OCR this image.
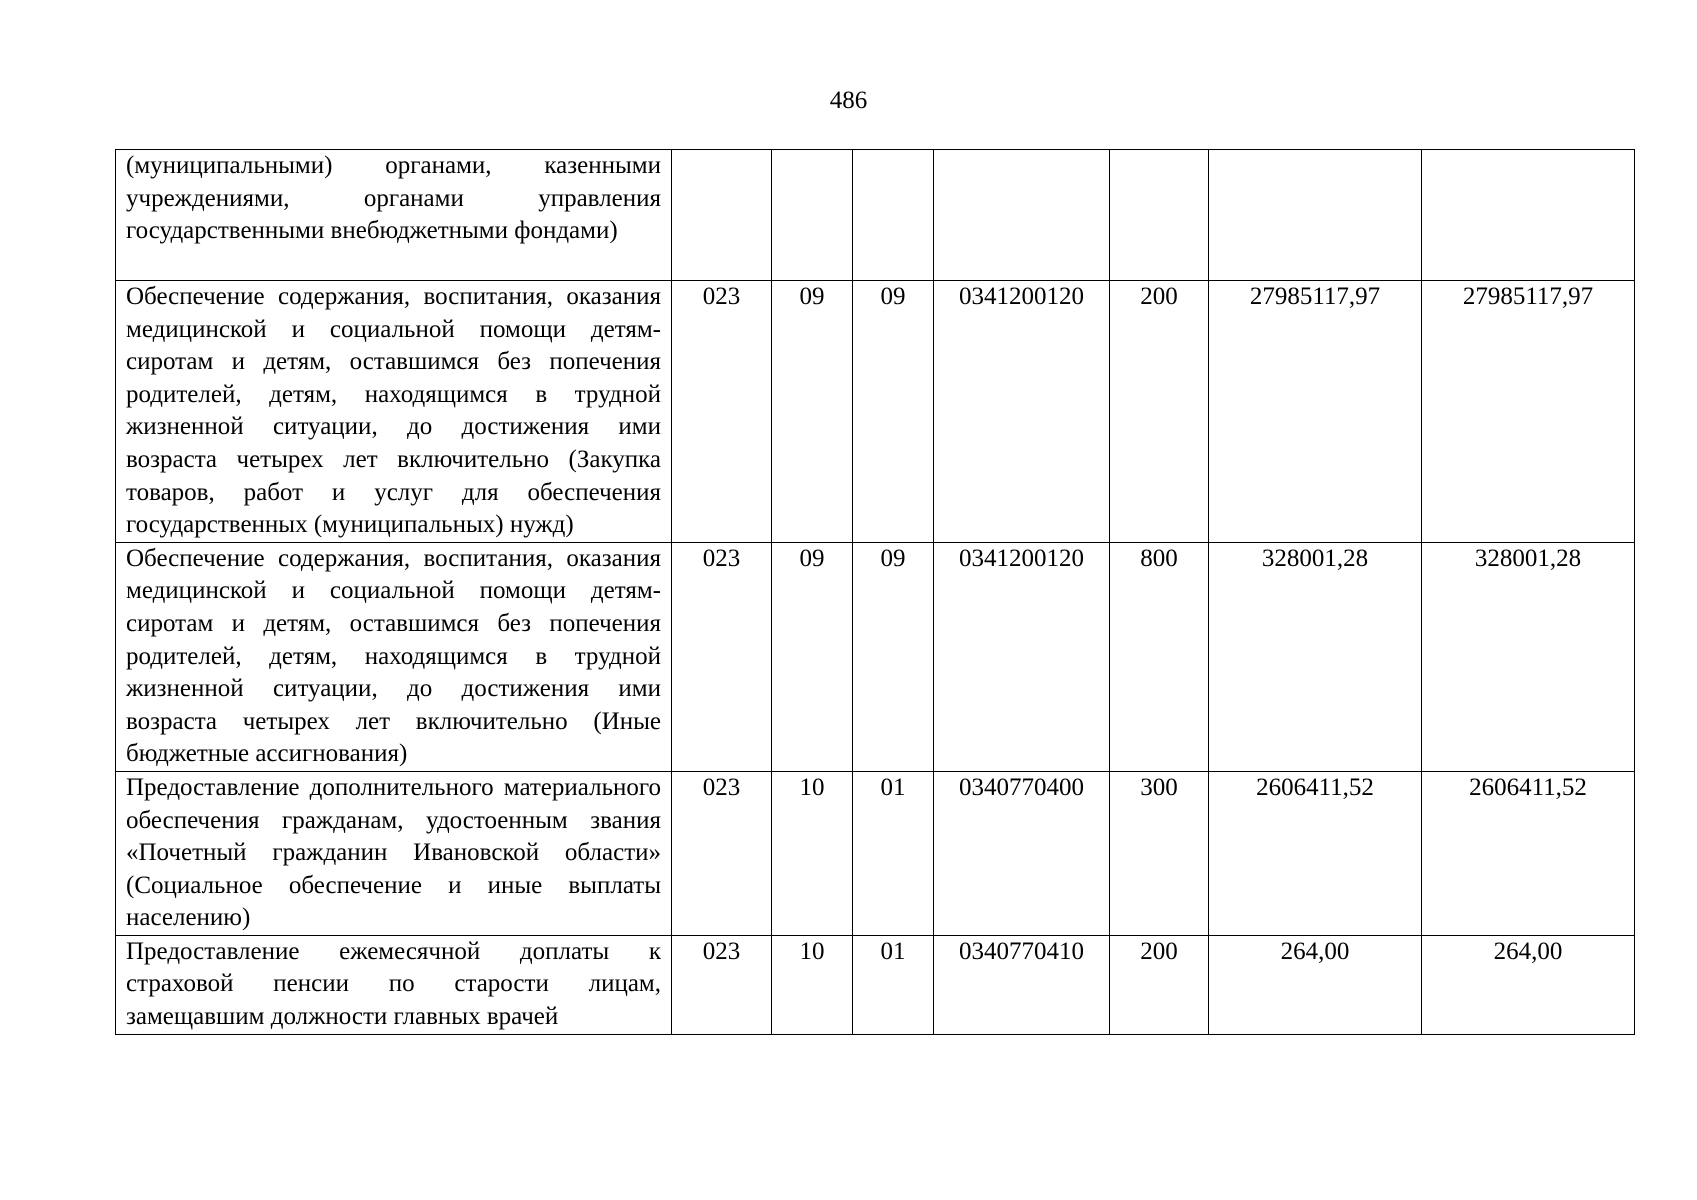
486
(муниципальными) органами, казенными учреждениями, органами управления государственными внебюджетными фондами)							

Обеспечение содержания, воспитания, оказания медицинской и социальной помощи детям-сиротам и детям, оставшимся без попечения родителей, детям, находящимся в трудной жизненной ситуации, до достижения ими возраста четырех лет включительно (Закупка товаров, работ и услуг для обеспечения государственных (муниципальных) нужд)	023	09	09	0341200120	200	27985117,97	27985117,97

Обеспечение содержания, воспитания, оказания медицинской и социальной помощи детям-сиротам и детям, оставшимся без попечения родителей, детям, находящимся в трудной жизненной ситуации, до достижения ими возраста четырех лет включительно (Иные бюджетные ассигнования)	023	09	09	0341200120	800	328001,28	328001,28

Предоставление дополнительного материального обеспечения гражданам, удостоенным звания «Почетный гражданин Ивановской области» (Социальное обеспечение и иные выплаты населению)	023	10	01	0340770400	300	2606411,52	2606411,52

Предоставление ежемесячной доплаты к страховой пенсии по старости лицам, замещавшим должности главных врачей	023	10	01	0340770410	200	264,00	264,00
